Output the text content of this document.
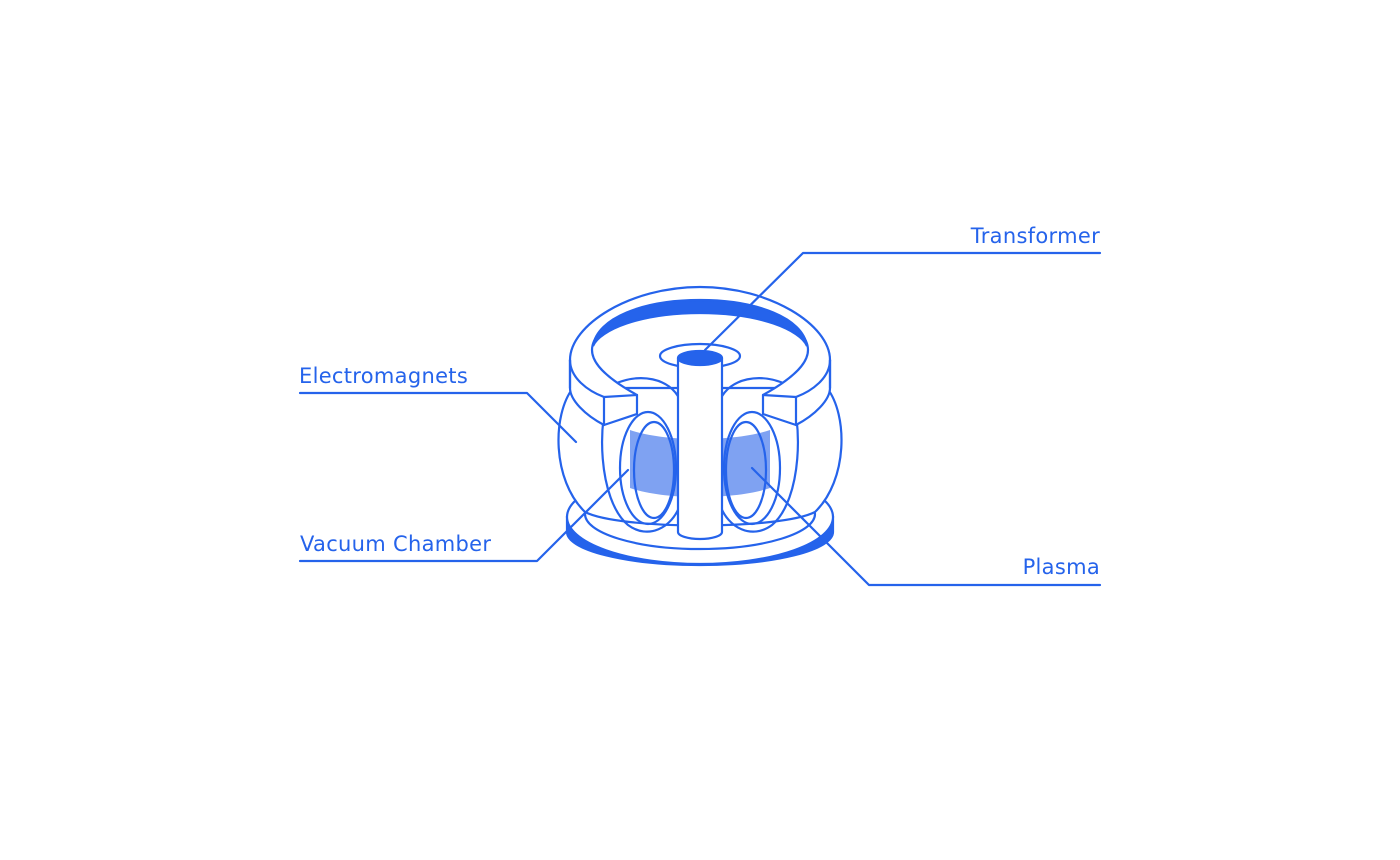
Transformer
Electromagnets
Vacuum Chamber
Plasma
